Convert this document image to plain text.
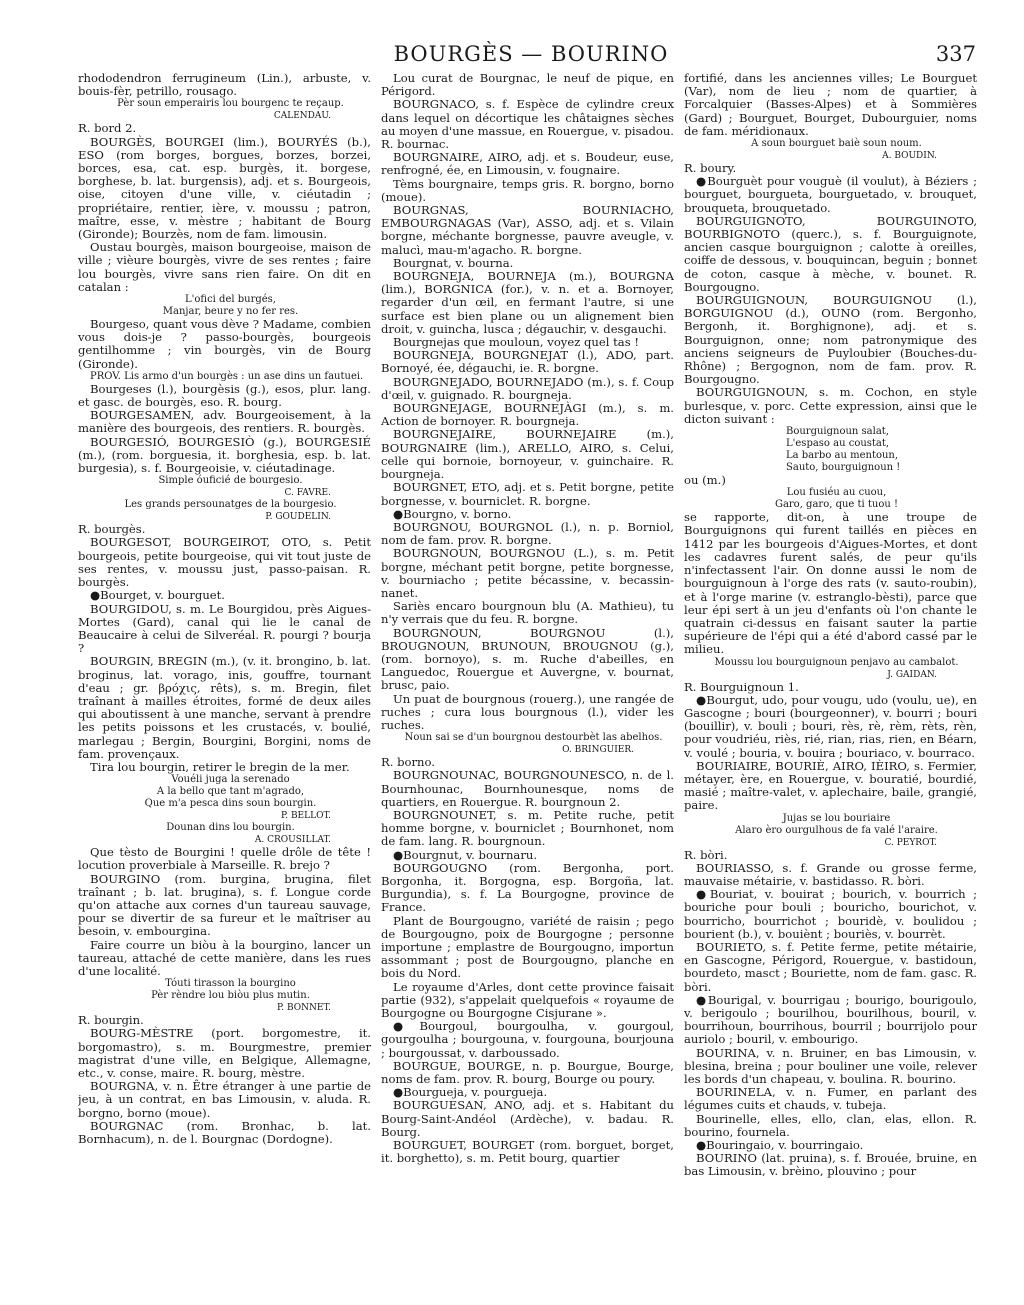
BOURGÈS — BOURINO	337

rhododendron ferrugineum (Lin.), arbuste, v. bouis-fèr, petrillo, rousago.

Pèr soun emperairis lou bourgenc te reçaup.

CALENDAU.

R. bord 2.

BOURGÈS, BOURGEI (lim.), BOURYÉS (b.), ESO (rom borges, borgues, borzes, borzei, borces, esa, cat. esp. burgès, it. borgese, borghese, b. lat. burgensis), adj. et s. Bourgeois, oise, citoyen d'une ville, v. ciéutadin ; propriétaire, rentier, ière, v. moussu ; patron, maître, esse, v. mèstre ; habitant de Bourg (Gironde); Bourzès, nom de fam. limousin.

Oustau bourgès, maison bourgeoise, maison de ville ; vièure bourgès, vivre de ses rentes ; faire lou bourgès, vivre sans rien faire. On dit en catalan :

L'ofici del burgés,

Manjar, beure y no fer res.

Bourgeso, quant vous dève ? Madame, combien vous dois-je ? passo-bourgès, bourgeois gentilhomme ; vin bourgès, vin de Bourg (Gironde).

PROV. Lis armo d'un bourgès : un ase dins un fautuei.

Bourgeses (l.), bourgèsis (g.), esos, plur. lang. et gasc. de bourgès, eso. R. bourg.

BOURGESAMEN, adv. Bourgeoisement, à la manière des bourgeois, des rentiers. R. bourgès.

BOURGESIÓ, BOURGESIÒ (g.), BOURGESIÉ (m.), (rom. borguesia, it. borghesia, esp. b. lat. burgesia), s. f. Bourgeoisie, v. ciéutadinage.

Simple óuficié de bourgesio.

C. FAVRE.

Les grands persounatges de la bourgesio.

P. GOUDELIN.

R. bourgès.

BOURGESOT, BOURGEIROT, OTO, s. Petit bourgeois, petite bourgeoise, qui vit tout juste de ses rentes, v. moussu just, passo-paisan. R. bourgès.

●Bourget, v. bourguet.

BOURGIDOU, s. m. Le Bourgidou, près Aigues-Mortes (Gard), canal qui lie le canal de Beaucaire à celui de Silveréal. R. pourgi ? bourja ?

BOURGIN, BREGIN (m.), (v. it. brongino, b. lat. broginus, lat. vorago, inis, gouffre, tournant d'eau ; gr. βρόχις, rêts), s. m. Bregin, filet traînant à mailles étroites, formé de deux ailes qui aboutissent à une manche, servant à prendre les petits poissons et les crustacés, v. boulié, marlegau ; Bergin, Bourgini, Borgini, noms de fam. provençaux.

Tira lou bourgin, retirer le bregin de la mer.

Vouéli juga la serenado

A la bello que tant m'agrado,

Que m'a pesca dins soun bourgin.

P. BELLOT.

Dounan dins lou bourgin.

A. CROUSILLAT.

Que tèsto de Bourgini ! quelle drôle de tête ! locution proverbiale à Marseille. R. brejo ?

BOURGINO (rom. burgina, brugina, filet traînant ; b. lat. brugina), s. f. Longue corde qu'on attache aux cornes d'un taureau sauvage, pour se divertir de sa fureur et le maîtriser au besoin, v. embourgina.

Faire courre un biòu à la bourgino, lancer un taureau, attaché de cette manière, dans les rues d'une localité.

Tóuti tirasson la bourgino

Pèr rèndre lou biòu plus mutin.

P. BONNET.

R. bourgin.

BOURG-MÈSTRE (port. borgomestre, it. borgomastro), s. m. Bourgmestre, premier magistrat d'une ville, en Belgique, Allemagne, etc., v. conse, maire. R. bourg, mèstre.

BOURGNA, v. n. Être étranger à une partie de jeu, à un contrat, en bas Limousin, v. aluda. R. borgno, borno (moue).

BOURGNAC (rom. Bronhac, b. lat. Bornhacum), n. de l. Bourgnac (Dordogne).

Lou curat de Bourgnac, le neuf de pique, en Périgord.

BOURGNACO, s. f. Espèce de cylindre creux dans lequel on décortique les châtaignes sèches au moyen d'une massue, en Rouergue, v. pisadou. R. bournac.

BOURGNAIRE, AIRO, adj. et s. Boudeur, euse, renfrogné, ée, en Limousin, v. fougnaire.

Tèms bourgnaire, temps gris. R. borgno, borno (moue).

BOURGNAS, BOURNIACHO, EMBOURGNAGAS (Var), ASSO, adj. et s. Vilain borgne, méchante borgnesse, pauvre aveugle, v. malucì, mau-m'agacho. R. borgne.

Bourgnat, v. bourna.

BOURGNEJA, BOURNEJA (m.), BOURGNA (lim.), BORGNICA (for.), v. n. et a. Bornoyer, regarder d'un œil, en fermant l'autre, si une surface est bien plane ou un alignement bien droit, v. guincha, lusca ; dégauchir, v. desgauchi.

Bourgnejas que mouloun, voyez quel tas !

BOURGNEJA, BOURGNEJAT (l.), ADO, part. Bornoyé, ée, dégauchi, ie. R. borgne.

BOURGNEJADO, BOURNEJADO (m.), s. f. Coup d'œil, v. guignado. R. bourgneja.

BOURGNEJAGE, BOURNEJÀGI (m.), s. m. Action de bornoyer. R. bourgneja.

BOURGNEJAIRE, BOURNEJAIRE (m.), BOURGNAIRE (lim.), ARELLO, AIRO, s. Celui, celle qui bornoie, bornoyeur, v. guinchaire. R. bourgneja.

BOURGNET, ETO, adj. et s. Petit borgne, petite borgnesse, v. bourniclet. R. borgne.

●Bourgno, v. borno.

BOURGNOU, BOURGNOL (l.), n. p. Borniol, nom de fam. prov. R. borgne.

BOURGNOUN, BOURGNOU (L.), s. m. Petit borgne, méchant petit borgne, petite borgnesse, v. bourniacho ; petite bécassine, v. becassin-nanet.

Sariès encaro bourgnoun blu (A. Mathieu), tu n'y verrais que du feu. R. borgne.

BOURGNOUN, BOURGNOU (l.), BROUGNOUN, BRUNOUN, BROUGNOU (g.), (rom. bornoyo), s. m. Ruche d'abeilles, en Languedoc, Rouergue et Auvergne, v. bournat, brusc, paio.

Un puat de bourgnous (rouerg.), une rangée de ruches ; cura lous bourgnous (l.), vider les ruches.

Noun sai se d'un bourgnou destourbèt las abelhos.

O. BRINGUIER.

R. borno.

BOURGNOUNAC, BOURGNOUNESCO, n. de l. Bournhounac, Bournhounesque, noms de quartiers, en Rouergue. R. bourgnoun 2.

BOURGNOUNET, s. m. Petite ruche, petit homme borgne, v. bourniclet ; Bournhonet, nom de fam. lang. R. bourgnoun.

●Bourgnut, v. bournaru.

BOURGOUGNO (rom. Bergonha, port. Borgonha, it. Borgogna, esp. Borgoña, lat. Burgundia), s. f. La Bourgogne, province de France.

Plant de Bourgougno, variété de raisin ; pego de Bourgougno, poix de Bourgogne ; personne importune ; emplastre de Bourgougno, importun assommant ; post de Bourgougno, planche en bois du Nord.

Le royaume d'Arles, dont cette province faisait partie (932), s'appelait quelquefois « royaume de Bourgogne ou Bourgogne Cisjurane ».

●Bourgoul, bourgoulha, v. gourgoul, gourgoulha ; bourgouna, v. fourgouna, bourjouna ; bourgoussat, v. darboussado.

BOURGUE, BOURGE, n. p. Bourgue, Bourge, noms de fam. prov. R. bourg, Bourge ou poury.

●Bourgueja, v. pourgueja.

BOURGUESAN, ANO, adj. et s. Habitant du Bourg-Saint-Andéol (Ardèche), v. badau. R. Bourg.

BOURGUET, BOURGET (rom. borguet, borget, it. borghetto), s. m. Petit bourg, quartier

fortifié, dans les anciennes villes; Le Bourguet (Var), nom de lieu ; nom de quartier, à Forcalquier (Basses-Alpes) et à Sommières (Gard) ; Bourguet, Bourget, Dubourguier, noms de fam. méridionaux.

A soun bourguet baiè soun noum.

A. BOUDIN.

R. boury.

●Bourguèt pour vouguè (il voulut), à Béziers ; bourguet, bourgueta, bourguetado, v. brouquet, brouqueta, brouquetado.

BOURGUIGNOTO, BOURGUINOTO, BOURBIGNOTO (querc.), s. f. Bourguignote, ancien casque bourguignon ; calotte à oreilles, coiffe de dessous, v. bouquincan, beguin ; bonnet de coton, casque à mèche, v. bounet. R. Bourgougno.

BOURGUIGNOUN, BOURGUIGNOU (l.), BORGUIGNOU (d.), OUNO (rom. Bergonho, Bergonh, it. Borghignone), adj. et s. Bourguignon, onne; nom patronymique des anciens seigneurs de Puyloubier (Bouches-du-Rhône) ; Bergognon, nom de fam. prov. R. Bourgougno.

BOURGUIGNOUN, s. m. Cochon, en style burlesque, v. porc. Cette expression, ainsi que le dicton suivant :

Bourguignoun salat,

L'espaso au coustat,

La barbo au mentoun,

Sauto, bourguignoun !

ou (m.)

Lou fusiéu au cuou,

Garo, garo, que ti tuou !

se rapporte, dit-on, à une troupe de Bourguignons qui furent taillés en pièces en 1412 par les bourgeois d'Aigues-Mortes, et dont les cadavres furent salés, de peur qu'ils n'infectassent l'air. On donne aussi le nom de bourguignoun à l'orge des rats (v. sauto-roubin), et à l'orge marine (v. estranglo-bèsti), parce que leur épi sert à un jeu d'enfants où l'on chante le quatrain ci-dessus en faisant sauter la partie supérieure de l'épi qui a été d'abord cassé par le milieu.

Moussu lou bourguignoun penjavo au cambalot.

J. GAIDAN.

R. Bourguignoun 1.

●Bourgut, udo, pour vougu, udo (voulu, ue), en Gascogne ; bouri (bourgeonner), v. bourri ; bouri (bouillir), v. bouli ; bouri, rès, rè, rèm, rèts, rèn, pour voudriéu, riès, rié, rian, rias, rien, en Béarn, v. voulé ; bouria, v. bouira ; bouriaco, v. bourraco.

BOURIAIRE, BOURIÈ, AIRO, IÈIRO, s. Fermier, métayer, ère, en Rouergue, v. bouratié, bourdié, masié ; maître-valet, v. aplechaire, baile, grangié, paire.

Jujas se lou bouriaire

Alaro èro ourgulhous de fa valé l'araire.

C. PEYROT.

R. bòri.

BOURIASSO, s. f. Grande ou grosse ferme, mauvaise métairie, v. bastidasso. R. bòri.

●Bouriat, v. bouirat ; bourich, v. bourrich ; bouriche pour bouli ; bouricho, bourichot, v. bourricho, bourrichot ; bouridè, v. boulidou ; bourient (b.), v. bouiènt ; bouriès, v. bourrèt.

BOURIETO, s. f. Petite ferme, petite métairie, en Gascogne, Périgord, Rouergue, v. bastidoun, bourdeto, masct ; Bouriette, nom de fam. gasc. R. bòri.

●Bourigal, v. bourrigau ; bourigo, bourigoulo, v. berigoulo ; bourilhou, bourilhous, bouril, v. bourrihoun, bourrihous, bourril ; bourrijolo pour auriolo ; bouril, v. embourigo.

BOURINA, v. n. Bruiner, en bas Limousin, v. blesina, breina ; pour bouliner une voile, relever les bords d'un chapeau, v. boulina. R. bourino.

BOURINELA, v. n. Fumer, en parlant des légumes cuits et chauds, v. tubeja.

Bourinelle, elles, ello, clan, elas, ellon. R. bourino, fournela.

●Bouringaio, v. bourringaio.

BOURINO (lat. pruina), s. f. Brouée, bruine, en bas Limousin, v. brèino, plouvino ; pour
